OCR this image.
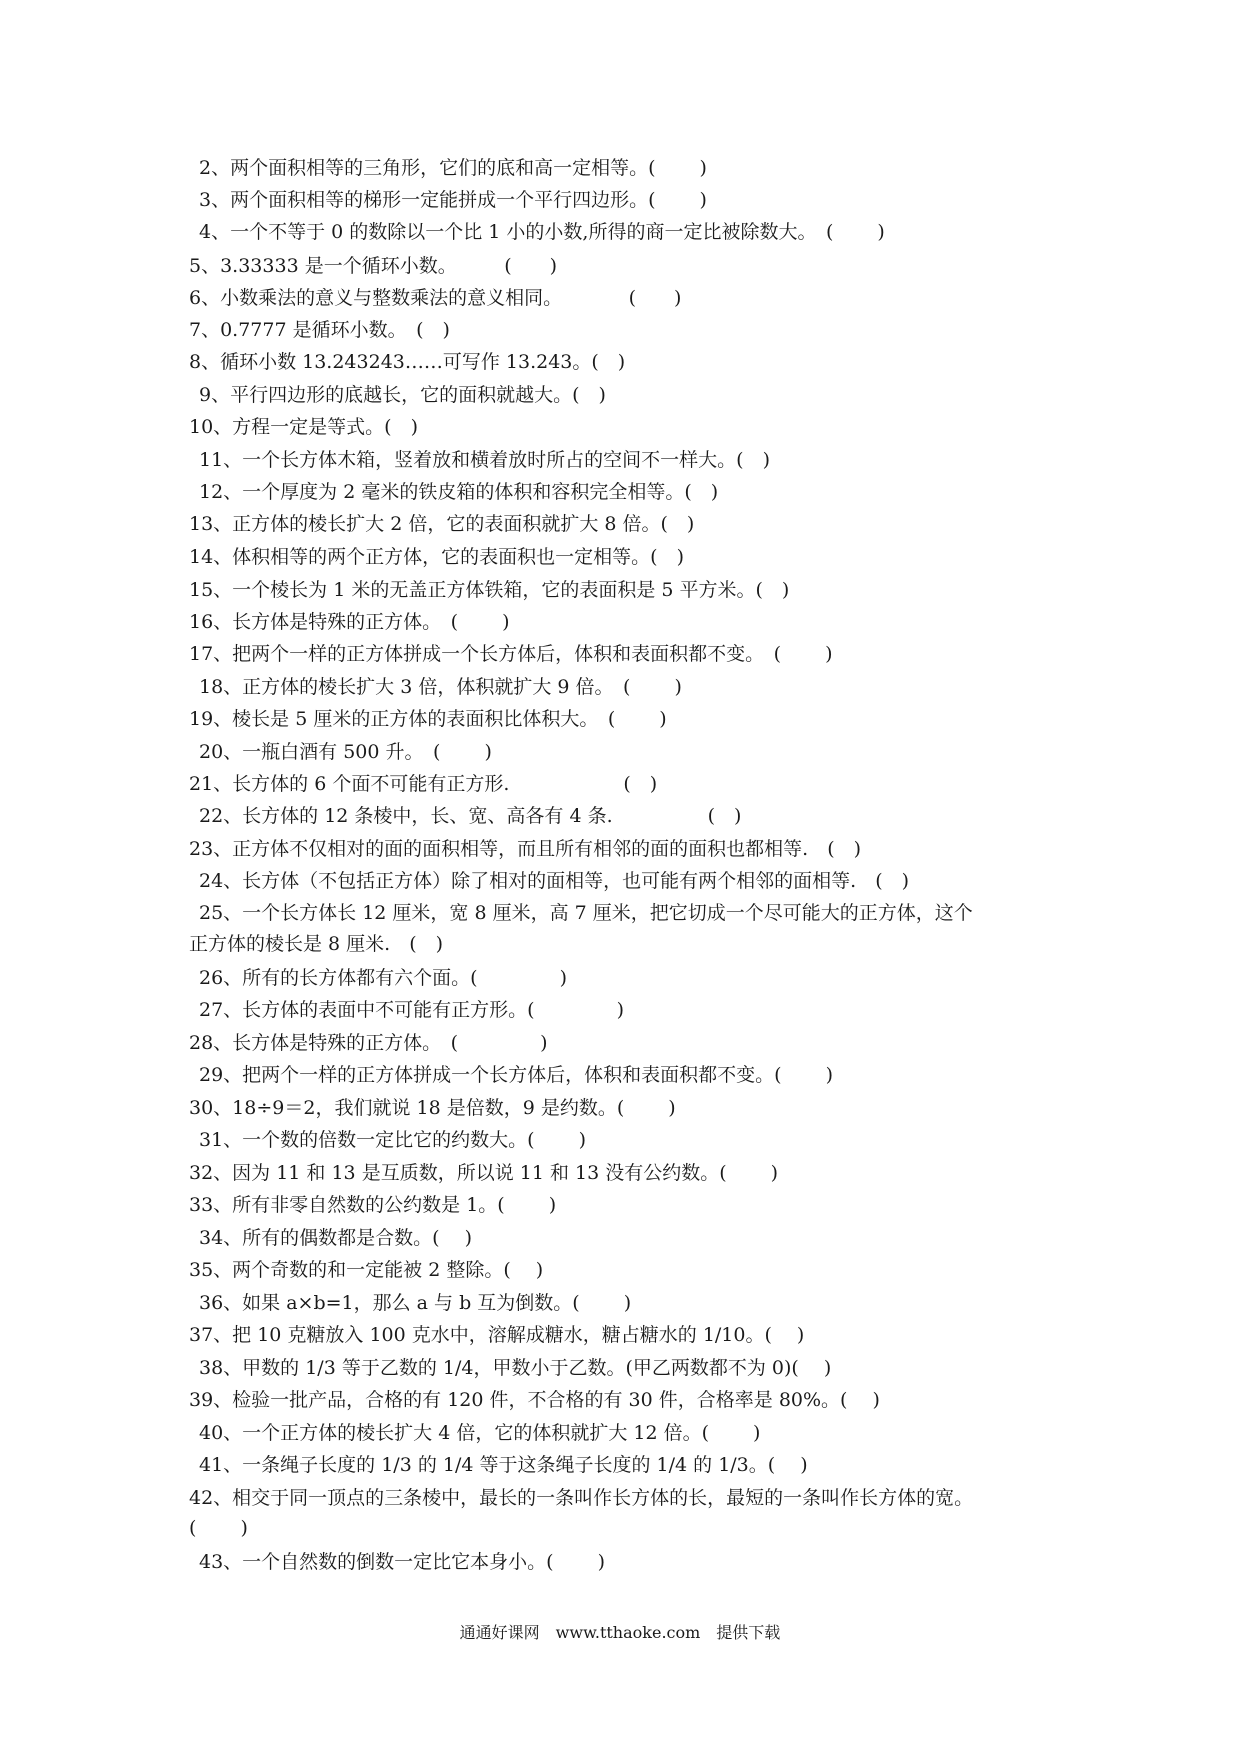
2、两个面积相等的三角形，它们的底和高一定相等。(　　 )
3、两个面积相等的梯形一定能拼成一个平行四边形。(　　 )
4、一个不等于 0 的数除以一个比 1 小的小数,所得的商一定比被除数大。　(　　 )
5、3.33333 是一个循环小数。　　　(　　)
6、小数乘法的意义与整数乘法的意义相同。　　　　(　　)
7、0.7777 是循环小数。　(　)
8、循环小数 13.243243……可写作 13.243。(　)
9、平行四边形的底越长，它的面积就越大。(　)
10、方程一定是等式。(　)
11、一个长方体木箱，竖着放和横着放时所占的空间不一样大。(　)
12、一个厚度为 2 毫米的铁皮箱的体积和容积完全相等。(　)
13、正方体的棱长扩大 2 倍，它的表面积就扩大 8 倍。(　)
14、体积相等的两个正方体，它的表面积也一定相等。(　)
15、一个棱长为 1 米的无盖正方体铁箱，它的表面积是 5 平方米。(　)
16、长方体是特殊的正方体。　(　　 )
17、把两个一样的正方体拼成一个长方体后，体积和表面积都不变。　(　　 )
18、正方体的棱长扩大 3 倍，体积就扩大 9 倍。　(　　 )
19、棱长是 5 厘米的正方体的表面积比体积大。　(　　 )
20、一瓶白酒有 500 升。　(　　 )
21、长方体的 6 个面不可能有正方形.　　　　　　(　)
22、长方体的 12 条棱中，长、宽、高各有 4 条.　　　　　(　)
23、正方体不仅相对的面的面积相等，而且所有相邻的面的面积也都相等.　(　)
24、长方体（不包括正方体）除了相对的面相等，也可能有两个相邻的面相等.　(　)
25、一个长方体长 12 厘米，宽 8 厘米，高 7 厘米，把它切成一个尽可能大的正方体，这个
正方体的棱长是 8 厘米.　(　)
26、所有的长方体都有六个面。(　　　　 )
27、长方体的表面中不可能有正方形。(　　　　 )
28、长方体是特殊的正方体。　(　　　　 )
29、把两个一样的正方体拼成一个长方体后，体积和表面积都不变。(　　 )
30、18÷9＝2，我们就说 18 是倍数，9 是约数。(　　 )
31、一个数的倍数一定比它的约数大。(　　 )
32、因为 11 和 13 是互质数，所以说 11 和 13 没有公约数。(　　 )
33、所有非零自然数的公约数是 1。(　　 )
34、所有的偶数都是合数。(　 )
35、两个奇数的和一定能被 2 整除。(　 )
36、如果 a×b=1，那么 a 与 b 互为倒数。(　　 )
37、把 10 克糖放入 100 克水中，溶解成糖水，糖占糖水的 1/10。(　 )
38、甲数的 1/3 等于乙数的 1/4，甲数小于乙数。(甲乙两数都不为 0)(　 )
39、检验一批产品，合格的有 120 件，不合格的有 30 件，合格率是 80%。(　 )
40、一个正方体的棱长扩大 4 倍，它的体积就扩大 12 倍。(　　 )
41、一条绳子长度的 1/3 的 1/4 等于这条绳子长度的 1/4 的 1/3。(　 )
42、相交于同一顶点的三条棱中，最长的一条叫作长方体的长，最短的一条叫作长方体的宽。
(　　 )
43、一个自然数的倒数一定比它本身小。(　　 )
通通好课网　www.tthaoke.com　提供下载
